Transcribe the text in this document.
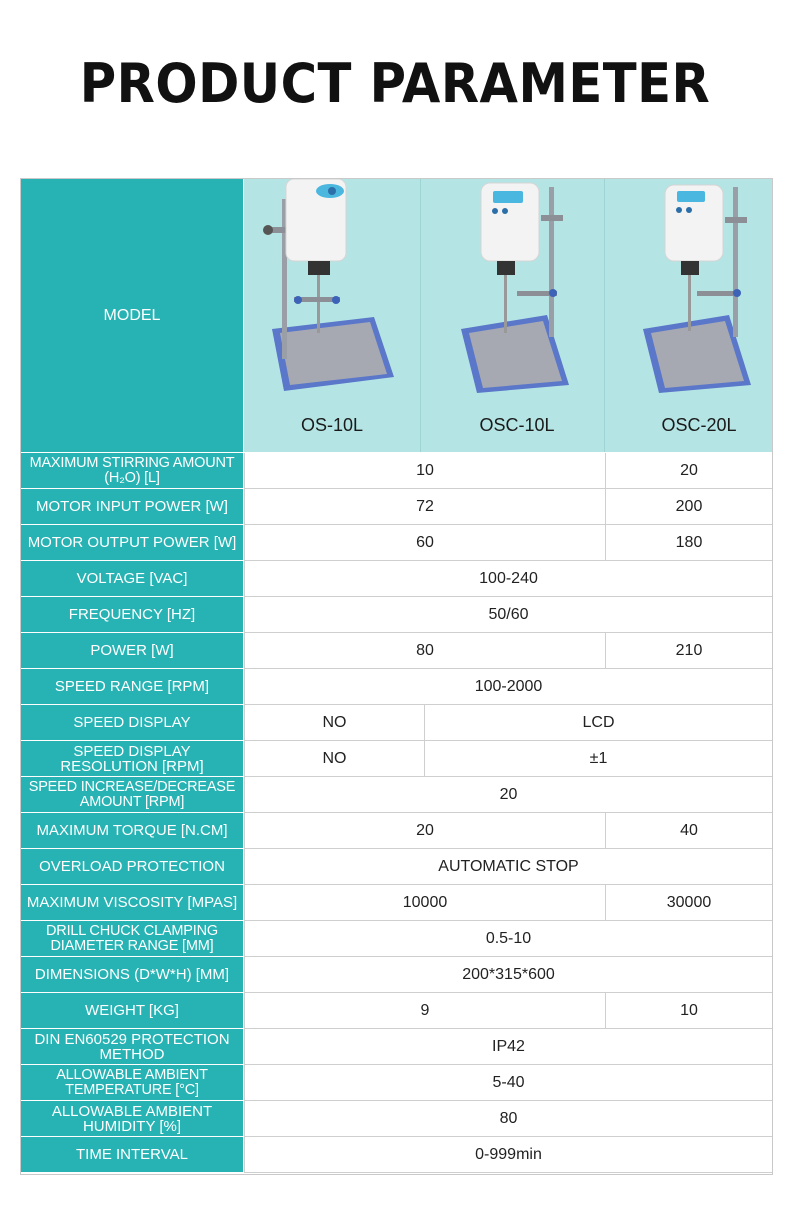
PRODUCT PARAMETER
MODEL
OS-10L	OSC-10L	OSC-20L
MAXIMUM STIRRING AMOUNT (H₂O) [L]	10	20
MOTOR INPUT POWER [W]	72	200
MOTOR OUTPUT POWER [W]	60	180
VOLTAGE [VAC]	100-240
FREQUENCY [HZ]	50/60
POWER [W]	80	210
SPEED RANGE [RPM]	100-2000
SPEED DISPLAY	NO	LCD
SPEED DISPLAY RESOLUTION [RPM]	NO	±1
SPEED INCREASE/DECREASE AMOUNT [RPM]	20
MAXIMUM TORQUE [N.CM]	20	40
OVERLOAD PROTECTION	AUTOMATIC STOP
MAXIMUM VISCOSITY [MPAS]	10000	30000
DRILL CHUCK CLAMPING DIAMETER RANGE [MM]	0.5-10
DIMENSIONS (D*W*H) [MM]	200*315*600
WEIGHT [KG]	9	10
DIN EN60529 PROTECTION METHOD	IP42
ALLOWABLE AMBIENT TEMPERATURE [°C]	5-40
ALLOWABLE AMBIENT HUMIDITY [%]	80
TIME INTERVAL	0-999min
